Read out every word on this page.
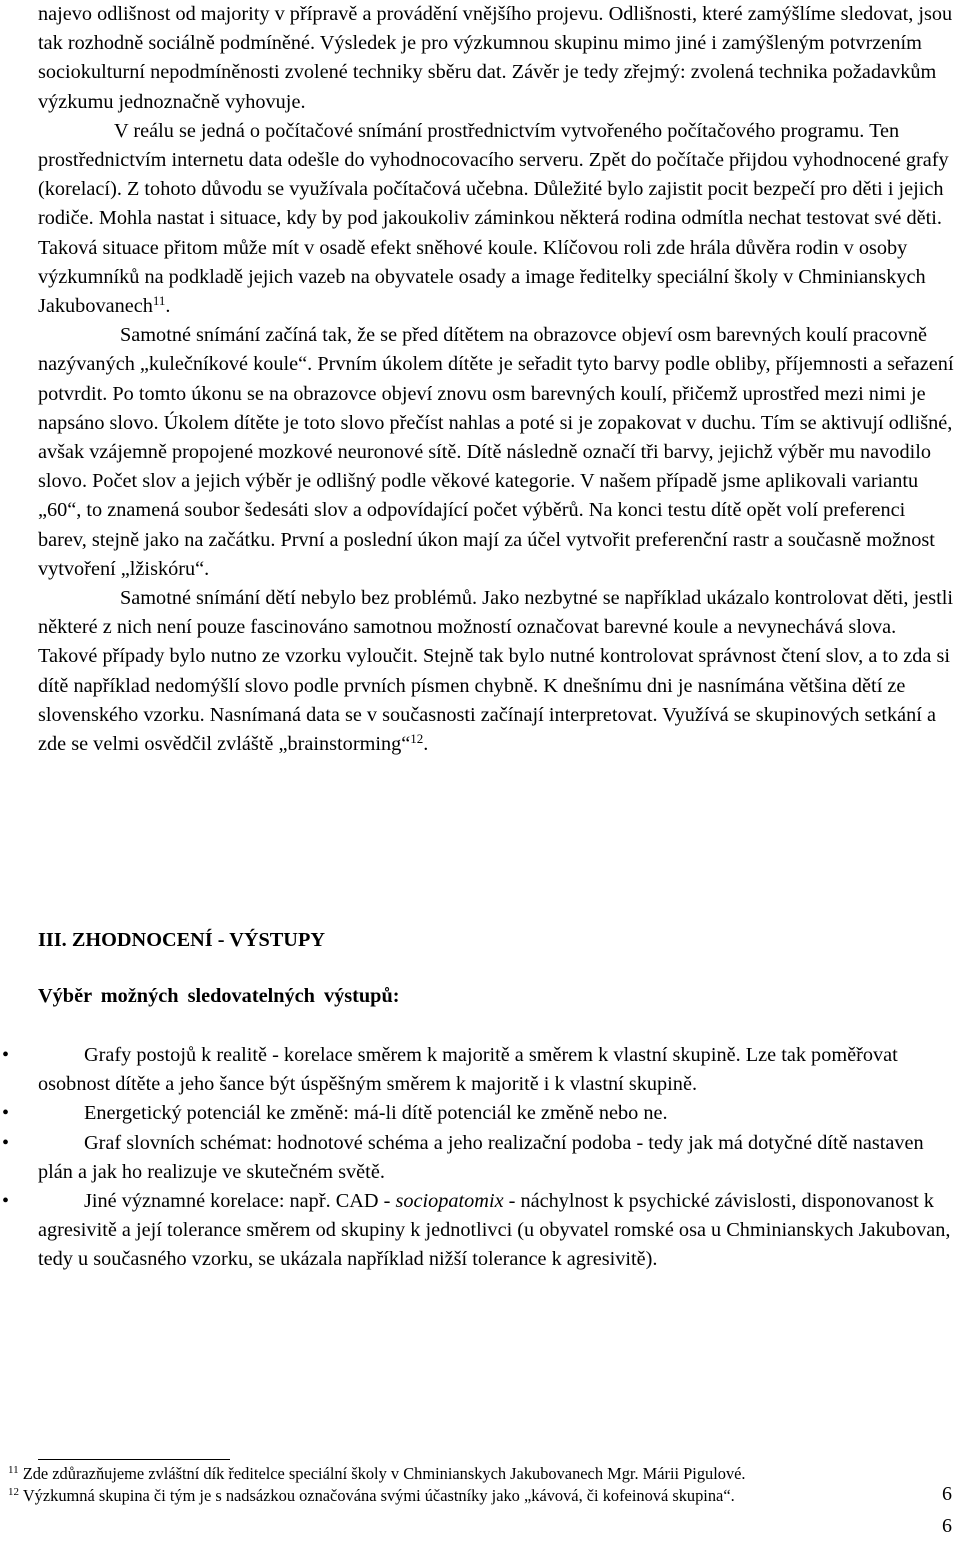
najevo odlišnost od majority v přípravě a provádění vnějšího projevu. Odlišnosti, které zamýšlíme sledovat, jsou tak rozhodně sociálně podmíněné. Výsledek je pro výzkumnou skupinu mimo jiné i zamýšleným potvrzením sociokulturní nepodmíněnosti zvolené techniky sběru dat. Závěr je tedy zřejmý: zvolená technika požadavkům výzkumu jednoznačně vyhovuje.

V reálu se jedná o počítačové snímání prostřednictvím vytvořeného počítačového programu. Ten prostřednictvím internetu data odešle do vyhodnocovacího serveru. Zpět do počítače přijdou vyhodnocené grafy (korelací). Z tohoto důvodu se využívala počítačová učebna. Důležité bylo zajistit pocit bezpečí pro děti i jejich rodiče. Mohla nastat i situace, kdy by pod jakoukoliv záminkou některá rodina odmítla nechat testovat své děti. Taková situace přitom může mít v osadě efekt sněhové koule. Klíčovou roli zde hrála důvěra rodin v osoby výzkumníků na podkladě jejich vazeb na obyvatele osady a image ředitelky speciální školy v Chminianskych Jakubovanech$^{11}$.

Samotné snímání začíná tak, že se před dítětem na obrazovce objeví osm barevných koulí pracovně nazývaných „kulečníkové koule“. Prvním úkolem dítěte je seřadit tyto barvy podle obliby, příjemnosti a seřazení potvrdit. Po tomto úkonu se na obrazovce objeví znovu osm barevných koulí, přičemž uprostřed mezi nimi je napsáno slovo. Úkolem dítěte je toto slovo přečíst nahlas a poté si je zopakovat v duchu. Tím se aktivují odlišné, avšak vzájemně propojené mozkové neuronové sítě. Dítě následně označí tři barvy, jejichž výběr mu navodilo slovo. Počet slov a jejich výběr je odlišný podle věkové kategorie. V našem případě jsme aplikovali variantu „60“, to znamená soubor šedesáti slov a odpovídající počet výběrů. Na konci testu dítě opět volí preferenci barev, stejně jako na začátku. První a poslední úkon mají za účel vytvořit preferenční rastr a současně možnost vytvoření „lžiskóru“.

Samotné snímání dětí nebylo bez problémů. Jako nezbytné se například ukázalo kontrolovat děti, jestli některé z nich není pouze fascinováno samotnou možností označovat barevné koule a nevynechává slova. Takové případy bylo nutno ze vzorku vyloučit. Stejně tak bylo nutné kontrolovat správnost čtení slov, a to zda si dítě například nedomýšlí slovo podle prvních písmen chybně. K dnešnímu dni je nasnímána většina dětí ze slovenského vzorku. Nasnímaná data se v současnosti začínají interpretovat. Využívá se skupinových setkání a zde se velmi osvědčil zvláště „brainstorming“$^{12}$.

III. ZHODNOCENÍ - VÝSTUPY
Výběr možných sledovatelných výstupů:
•	Grafy postojů k realitě - korelace směrem k majoritě a směrem k vlastní skupině. Lze tak poměřovat osobnost dítěte a jeho šance být úspěšným směrem k majoritě i k vlastní skupině.
•	Energetický potenciál ke změně: má-li dítě potenciál ke změně nebo ne.
•	Graf slovních schémat: hodnotové schéma a jeho realizační podoba - tedy jak má dotyčné dítě nastaven plán a jak ho realizuje ve skutečném světě.
•	Jiné významné korelace: např. CAD - sociopatomix - náchylnost k psychické závislosti, disponovanost k agresivitě a její tolerance směrem od skupiny k jednotlivci (u obyvatel romské osa u Chminianskych Jakubovan, tedy u současného vzorku, se ukázala například nižší tolerance k agresivitě).

$^{11}$ Zde zdůrazňujeme zvláštní dík ředitelce speciální školy v Chminianskych Jakubovanech Mgr. Márii Pigulové.

$^{12}$ Výzkumná skupina či tým je s nadsázkou označována svými účastníky jako „kávová, či kofeinová skupina“.	6
6
